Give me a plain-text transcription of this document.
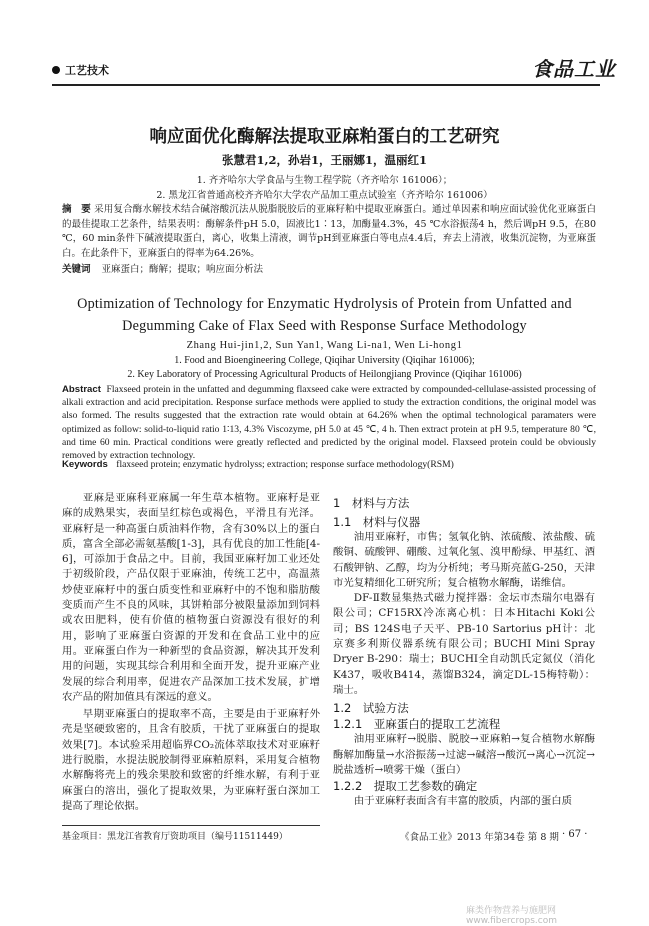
工艺技术	食品工业
响应面优化酶解法提取亚麻粕蛋白的工艺研究
张慧君1,2，孙岩1，王丽娜1，温丽红1
1. 齐齐哈尔大学食品与生物工程学院（齐齐哈尔 161006）；
2. 黑龙江省普通高校齐齐哈尔大学农产品加工重点试验室（齐齐哈尔 161006）
摘　要 采用复合酶水解技术结合碱溶酸沉法从脱脂脱胶后的亚麻籽粕中提取亚麻蛋白。通过单因素和响应面试验优化亚麻蛋白的最佳提取工艺条件，结果表明：酶解条件pH 5.0，固液比1∶13，加酶量4.3%，45 ℃水浴振荡4 h，然后调pH 9.5，在80 ℃，60 min条件下碱液提取蛋白，离心，收集上清液，调节pH到亚麻蛋白等电点4.4后，弃去上清液，收集沉淀物，为亚麻蛋白。在此条件下，亚麻蛋白的得率为64.26%。
关键词 亚麻蛋白；酶解；提取；响应面分析法
Optimization of Technology for Enzymatic Hydrolysis of Protein from Unfatted and
Degumming Cake of Flax Seed with Response Surface Methodology
Zhang Hui-jin1,2, Sun Yan1, Wang Li-na1, Wen Li-hong1
1. Food and Bioengineering College, Qiqihar University (Qiqihar 161006);
2. Key Laboratory of Processing Agricultural Products of Heilongjiang Province (Qiqihar 161006)
Abstract Flaxseed protein in the unfatted and degumming flaxseed cake were extracted by compounded-cellulase-assisted processing of alkali extraction and acid precipitation. Response surface methods were applied to study the extraction conditions, the original model was also formed. The results suggested that the extraction rate would obtain at 64.26% when the optimal technological paramaters were optimized as follow: solid-to-liquid ratio 1∶13, 4.3% Viscozyme, pH 5.0 at 45 ℃, 4 h. Then extract protein at pH 9.5, temperature 80 ℃, and time 60 min. Practical conditions were greatly reflected and predicted by the original model. Flaxseed protein could be obviously removed by extraction technology.
Keywords flaxseed protein; enzymatic hydrolyss; extraction; response surface methodology(RSM)
亚麻是亚麻科亚麻属一年生草本植物。亚麻籽是亚麻的成熟果实，表面呈红棕色或褐色，平滑且有光泽。亚麻籽是一种高蛋白质油料作物，含有30%以上的蛋白质，富含全部必需氨基酸[1-3]，具有优良的加工性能[4-6]，可添加于食品之中。目前，我国亚麻籽加工业还处于初级阶段，产品仅限于亚麻油，传统工艺中，高温蒸炒使亚麻籽中的蛋白质变性和亚麻籽中的不饱和脂肪酸变质而产生不良的风味，其饼粕部分被限量添加到饲料或农田肥料，使有价值的植物蛋白资源没有很好的利用，影响了亚麻蛋白资源的开发和在食品工业中的应用。亚麻蛋白作为一种新型的食品资源，解决其开发利用的问题，实现其综合利用和全面开发，提升亚麻产业发展的综合利用率，促进农产品深加工技术发展，扩增农产品的附加值具有深远的意义。
早期亚麻蛋白的提取率不高，主要是由于亚麻籽外壳是坚硬致密的，且含有胶质，干扰了亚麻蛋白的提取效果[7]。本试验采用超临界CO₂流体萃取技术对亚麻籽进行脱脂，水提法脱胶制得亚麻粕原料，采用复合植物水解酶将壳上的残余果胶和致密的纤维水解，有利于亚麻蛋白的溶出，强化了提取效果，为亚麻籽蛋白深加工提高了理论依据。
1　材料与方法
1.1　材料与仪器
油用亚麻籽，市售；氢氧化钠、浓硫酸、浓盐酸、硫酸铜、硫酸钾、硼酸、过氧化氢、溴甲酚绿、甲基红、酒石酸钾钠、乙醇，均为分析纯；考马斯亮蓝G-250，天津市光复精细化工研究所；复合植物水解酶，诺维信。
DF-Ⅱ数显集热式磁力搅拌器：金坛市杰瑞尔电器有限公司；CF15RX冷冻离心机：日本Hitachi Koki公司；BS 124S电子天平、PB-10 Sartorius pH计：北京赛多利斯仪器系统有限公司；BUCHI Mini Spray Dryer B-290：瑞士；BUCHI全自动凯氏定氮仪（消化K437，吸收B414，蒸馏B324，滴定DL-15梅特勒）：瑞士。
1.2　试验方法
1.2.1　亚麻蛋白的提取工艺流程
油用亚麻籽→脱脂、脱胶→亚麻粕→复合植物水解酶酶解加酶量→水浴振荡→过滤→碱溶→酸沉→离心→沉淀→脱盐透析→喷雾干燥（蛋白）
1.2.2　提取工艺参数的确定
由于亚麻籽表面含有丰富的胶质，内部的蛋白质
基金项目：黑龙江省教育厅资助项目（编号11511449）	《食品工业》2013 年第34卷 第 8 期 · 67 ·
麻类作物营养与施肥网 www.fibercrops.com
